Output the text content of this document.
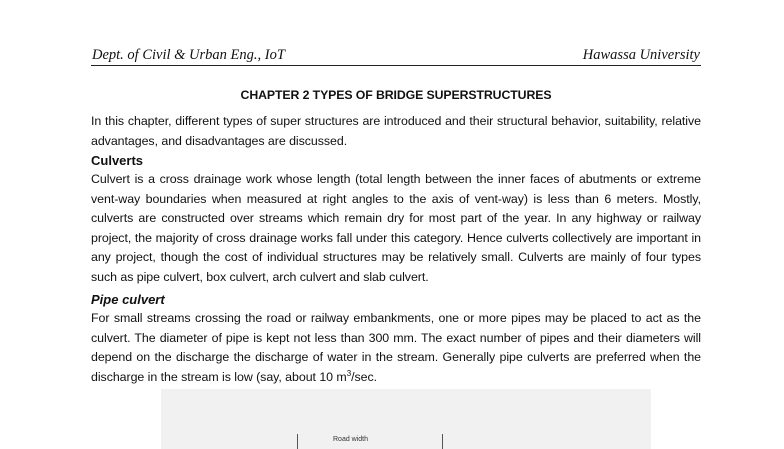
Dept. of Civil & Urban Eng., IoT	Hawassa University
CHAPTER 2 TYPES OF BRIDGE SUPERSTRUCTURES
In this chapter, different types of super structures are introduced and their structural behavior, suitability, relative advantages, and disadvantages are discussed.
Culverts
Culvert is a cross drainage work whose length (total length between the inner faces of abutments or extreme vent-way boundaries when measured at right angles to the axis of vent-way) is less than 6 meters. Mostly, culverts are constructed over streams which remain dry for most part of the year. In any highway or railway project, the majority of cross drainage works fall under this category. Hence culverts collectively are important in any project, though the cost of individual structures may be relatively small. Culverts are mainly of four types such as pipe culvert, box culvert, arch culvert and slab culvert.
Pipe culvert
For small streams crossing the road or railway embankments, one or more pipes may be placed to act as the culvert. The diameter of pipe is kept not less than 300 mm. The exact number of pipes and their diameters will depend on the discharge the discharge of water in the stream. Generally pipe culverts are preferred when the discharge in the stream is low (say, about 10 $m^3/\sec$.
Road width
